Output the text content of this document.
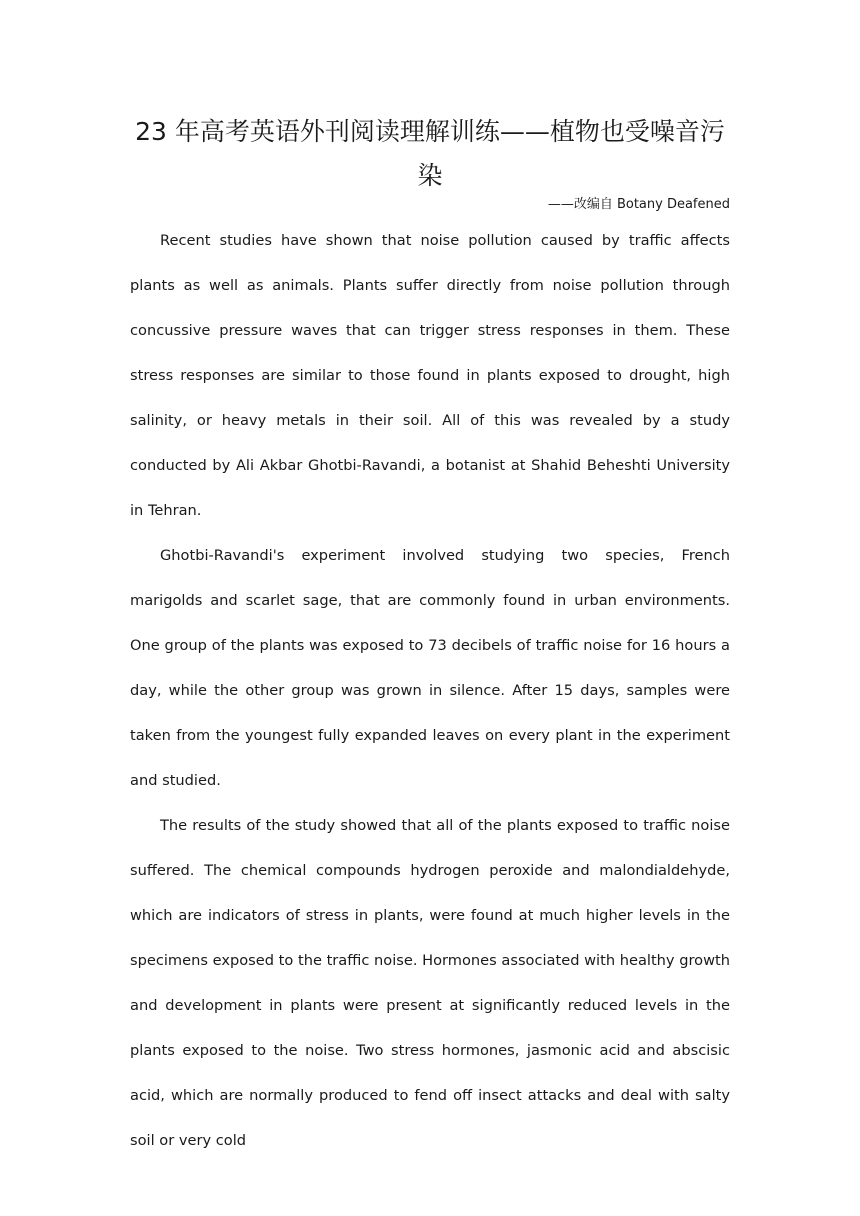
23 年高考英语外刊阅读理解训练——植物也受噪音污染

——改编自 Botany Deafened

Recent studies have shown that noise pollution caused by traffic affects plants as well as animals. Plants suffer directly from noise pollution through concussive pressure waves that can trigger stress responses in them. These stress responses are similar to those found in plants exposed to drought, high salinity, or heavy metals in their soil. All of this was revealed by a study conducted by Ali Akbar Ghotbi-Ravandi, a botanist at Shahid Beheshti University in Tehran.

Ghotbi-Ravandi's experiment involved studying two species, French marigolds and scarlet sage, that are commonly found in urban environments. One group of the plants was exposed to 73 decibels of traffic noise for 16 hours a day, while the other group was grown in silence. After 15 days, samples were taken from the youngest fully expanded leaves on every plant in the experiment and studied.

The results of the study showed that all of the plants exposed to traffic noise suffered. The chemical compounds hydrogen peroxide and malondialdehyde, which are indicators of stress in plants, were found at much higher levels in the specimens exposed to the traffic noise. Hormones associated with healthy growth and development in plants were present at significantly reduced levels in the plants exposed to the noise. Two stress hormones, jasmonic acid and abscisic acid, which are normally produced to fend off insect attacks and deal with salty soil or very cold
